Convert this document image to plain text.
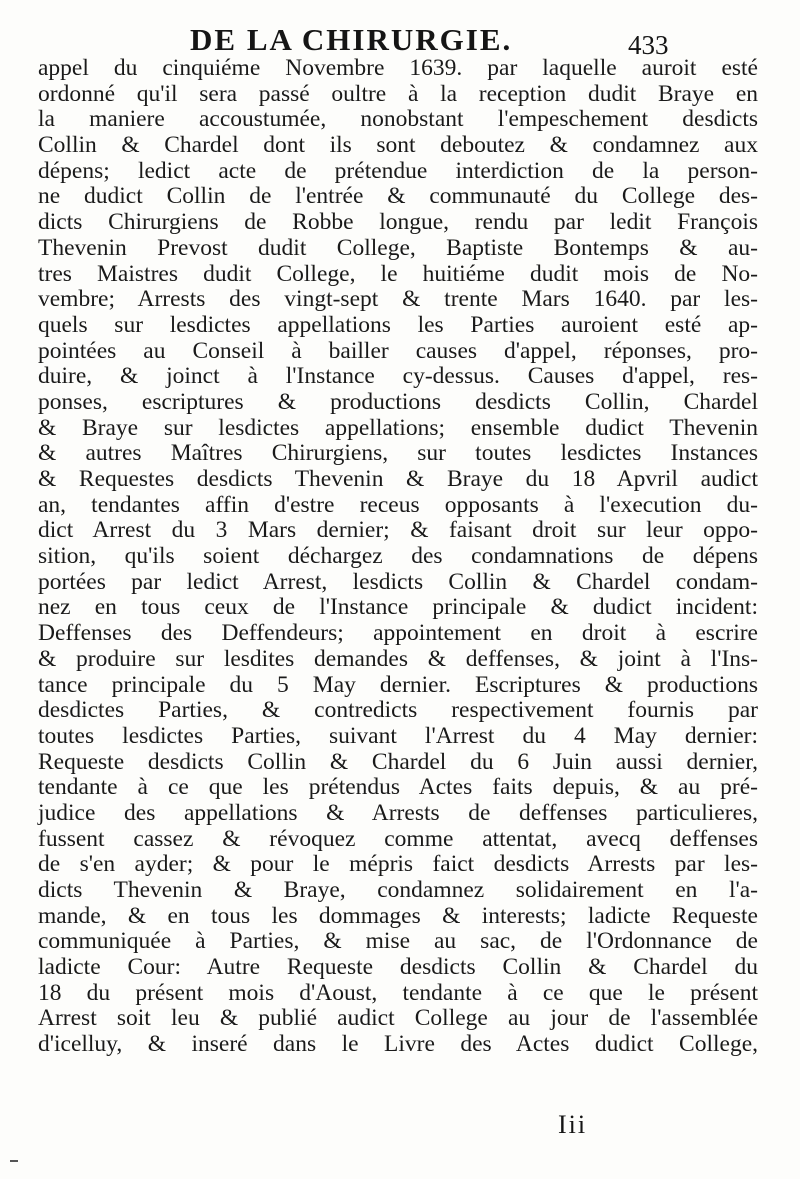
DE LA CHIRURGIE.	433
appel du cinquiéme Novembre 1639. par laquelle auroit esté
ordonné qu'il sera passé oultre à la reception dudit Braye en
la maniere accoustumée, nonobstant l'empeschement desdicts
Collin & Chardel dont ils sont deboutez & condamnez aux
dépens; ledict acte de prétendue interdiction de la person-
ne dudict Collin de l'entrée & communauté du College des-
dicts Chirurgiens de Robbe longue, rendu par ledit François
Thevenin Prevost dudit College, Baptiste Bontemps & au-
tres Maistres dudit College, le huitiéme dudit mois de No-
vembre; Arrests des vingt-sept & trente Mars 1640. par les-
quels sur lesdictes appellations les Parties auroient esté ap-
pointées au Conseil à bailler causes d'appel, réponses, pro-
duire, & joinct à l'Instance cy-dessus. Causes d'appel, res-
ponses, escriptures & productions desdicts Collin, Chardel
& Braye sur lesdictes appellations; ensemble dudict Thevenin
& autres Maîtres Chirurgiens, sur toutes lesdictes Instances
& Requestes desdicts Thevenin & Braye du 18 Apvril audict
an, tendantes affin d'estre receus opposants à l'execution du-
dict Arrest du 3 Mars dernier; & faisant droit sur leur oppo-
sition, qu'ils soient déchargez des condamnations de dépens
portées par ledict Arrest, lesdicts Collin & Chardel condam-
nez en tous ceux de l'Instance principale & dudict incident:
Deffenses des Deffendeurs; appointement en droit à escrire
& produire sur lesdites demandes & deffenses, & joint à l'Ins-
tance principale du 5 May dernier. Escriptures & productions
desdictes Parties, & contredicts respectivement fournis par
toutes lesdictes Parties, suivant l'Arrest du 4 May dernier:
Requeste desdicts Collin & Chardel du 6 Juin aussi dernier,
tendante à ce que les prétendus Actes faits depuis, & au pré-
judice des appellations & Arrests de deffenses particulieres,
fussent cassez & révoquez comme attentat, avecq deffenses
de s'en ayder; & pour le mépris faict desdicts Arrests par les-
dicts Thevenin & Braye, condamnez solidairement en l'a-
mande, & en tous les dommages & interests; ladicte Requeste
communiquée à Parties, & mise au sac, de l'Ordonnance de
ladicte Cour: Autre Requeste desdicts Collin & Chardel du
18 du présent mois d'Aoust, tendante à ce que le présent
Arrest soit leu & publié audict College au jour de l'assemblée
d'icelluy, & inseré dans le Livre des Actes dudict College,
Iii
